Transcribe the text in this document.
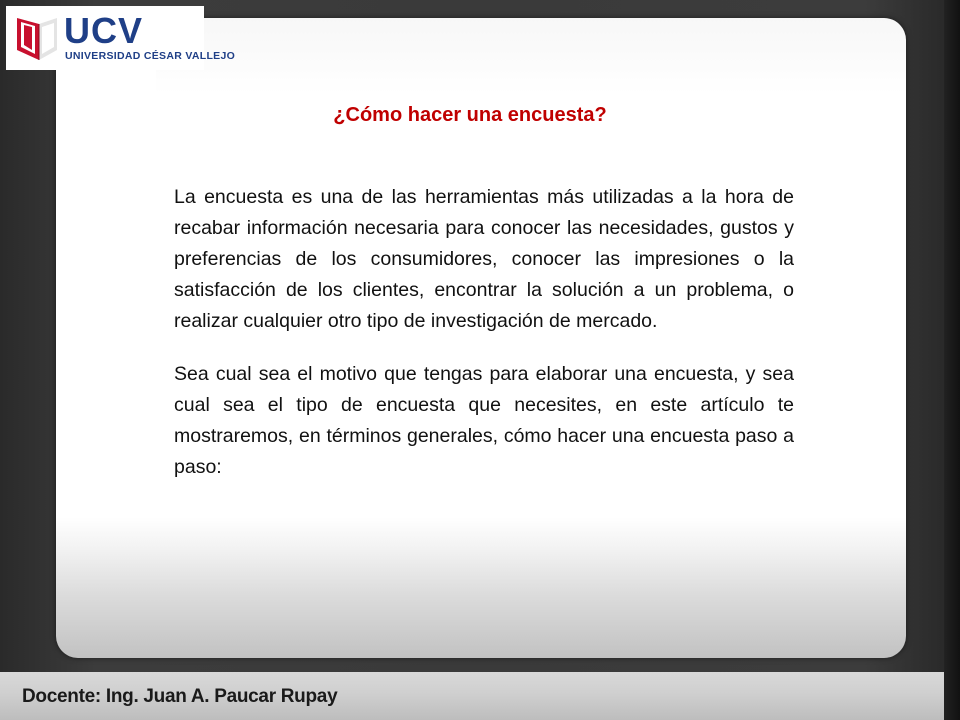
UCV
UNIVERSIDAD CÉSAR VALLEJO
¿Cómo hacer una encuesta?

La encuesta es una de las herramientas más utilizadas a la hora de recabar información necesaria para conocer las necesidades, gustos y preferencias de los consumidores, conocer las impresiones o la satisfacción de los clientes, encontrar la solución a un problema, o realizar cualquier otro tipo de investigación de mercado.

Sea cual sea el motivo que tengas para elaborar una encuesta, y sea cual sea el tipo de encuesta que necesites, en este artículo te mostraremos, en términos generales, cómo hacer una encuesta paso a paso:

Docente: Ing. Juan A. Paucar Rupay
